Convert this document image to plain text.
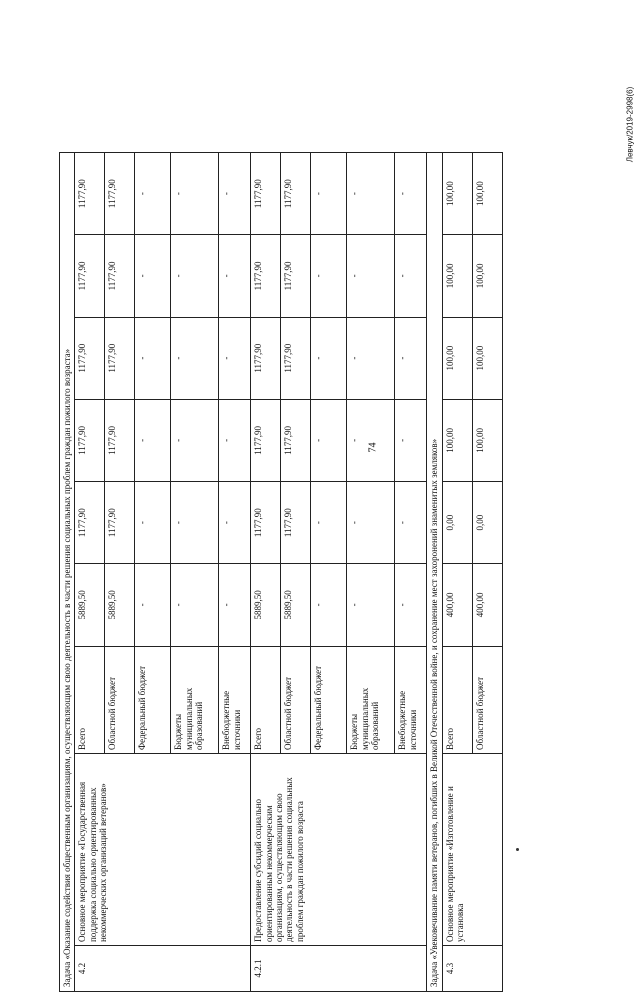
74
Левчук/2019-2998(6)
Задача «Оказание содействия общественным организациям, осуществляющим свою деятельность в части решения социальных проблем граждан пожилого возраста»								
4.2	Основное мероприятие «Государственная поддержка социально ориентированных некоммерческих организаций ветеранов»	Всего	5889,50	1177,90	1177,90	1177,90	1177,90	1177,90
		Областной бюджет	5889,50	1177,90	1177,90	1177,90	1177,90	1177,90
		Федеральный бюджет	-	-	-	-	-	-
		Бюджеты муниципальных образований	-	-	-	-	-	-
		Внебюджетные источники	-	-	-	-	-	-
4.2.1	Предоставление субсидий социально ориентированным некоммерческим организациям, осуществляющим свою деятельность в части решения социальных проблем граждан пожилого возраста	Всего	5889,50	1177,90	1177,90	1177,90	1177,90	1177,90
		Областной бюджет	5889,50	1177,90	1177,90	1177,90	1177,90	1177,90
		Федеральный бюджет	-	-	-	-	-	-
		Бюджеты муниципальных образований	-	-	-	-	-	-
		Внебюджетные источники	-	-	-	-	-	-
Задача «Увековечивание памяти ветеранов, погибших в Великой Отечественной войне, и сохранение мест захоронений знаменитых земляков»								
4.3	Основное мероприятие «Изготовление и установка	Всего	400,00	0,00	100,00	100,00	100,00	100,00
		Областной бюджет	400,00	0,00	100,00	100,00	100,00	100,00
